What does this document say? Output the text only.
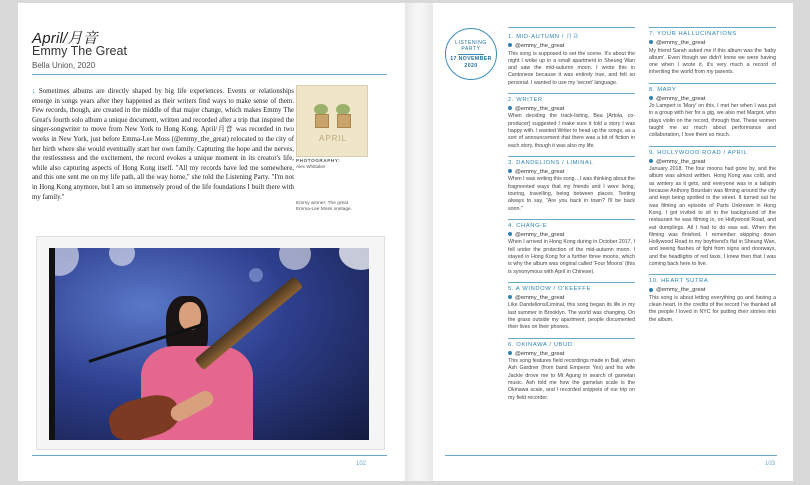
April/月音
Emmy The Great
Bella Union, 2020
↓ Sometimes albums are directly shaped by big life experiences. Events or relationships emerge in songs years after they happened as their writers find ways to make sense of them. Few records, though, are created in the middle of that major change, which makes Emmy The Great's fourth solo album a unique document, written and recorded after a trip that inspired the singer-songwriter to move from New York to Hong Kong. April/月音 was recorded in two weeks in New York, just before Emma-Lee Moss (@emmy_the_great) relocated to the city of her birth where she would eventually start her own family. Capturing the hope and the nerves, the restlessness and the excitement, the record evokes a unique moment in its creator's life, while also capturing aspects of Hong Kong itself. "All my records have led me somewhere, and this one sent me on my life path, all the way home," she told the Listening Party. "I'm not in Hong Kong anymore, but I am so immensely proud of the life foundations I built there with my family."
APRIL
PHOTOGRAPHY:
Alex Whittaker
Emmy winner: The great Emma-Lee Moss onstage.
102
LISTENING
PARTY
17 NOVEMBER
2020
1. MID-AUTUMN / 月音
@emmy_the_great
This song is supposed to set the scene. It's about the night I woke up in a small apartment in Sheung Wan and saw the mid-autumn moon. I wrote this in Cantonese because it was entirely true, and felt so personal. I wanted to use my 'secret' language.
2. WRITER
@emmy_the_great
When deciding the track-listing, Bea [Artola, co-producer] suggested I make sure it told a story I was happy with. I wanted Writer to head up the songs, as a sort of announcement that there was a bit of fiction in each story, though it was also my life.
3. DANDELIONS / LIMINAL
@emmy_the_great
When I was writing this song…I was thinking about the fragmented ways that my friends and I were living, touring, travelling, being between places. Texting always to say, "Are you back in town? I'll be back soon."
4. CHANG-E
@emmy_the_great
When I arrived in Hong Kong during in October 2017, I fell under the protection of the mid-autumn moon. I stayed in Hong Kong for a further three moons, which is why the album was original called 'Four Moons' (this is synonymous with April in Chinese).
5. A WINDOW / O'KEEFFE
@emmy_the_great
Like Dandelions/Liminal, this song began its life in my last summer in Brooklyn. The world was changing. On the grass outside my apartment, people documented their lives on their phones.
6. OKINAWA / UBUD
@emmy_the_great
This song features field recordings made in Bali, when Ash Gardner (from band Emperor Yes) and his wife Jackie drove me to Mt Agung in search of gamelan music. Ash told me how the gamelan scale is the Okinawa scale, and I recorded snippets of our trip on my field recorder.
7. YOUR HALLUCINATIONS
@emmy_the_great
My friend Sarah asked me if this album was the 'baby album'. Even though we didn't know we were having one when I wrote it, it's very much a record of inheriting the world from my parents.
8. MARY
@emmy_the_great
Jo Lampert is 'Mary' on this. I met her when I was put in a group with her for a gig, we also met Margot, who plays violin on the record, through that. These women taught me so much about performance and collaboration, I love them so much.
9. HOLLYWOOD ROAD / APRIL
@emmy_the_great
January 2018. The four moons had gone by, and the album was almost written. Hong Kong was cold, and as wintery as it gets, and everyone was in a tailspin because Anthony Bourdain was filming around the city and kept being spotted in the street. It turned out he was filming an episode of Parts Unknown in Hong Kong. I got invited to sit in the background of the restaurant he was filming in, on Hollywood Road, and eat dumplings. All I had to do was eat. When the filming was finished, I remember skipping down Hollywood Road to my boyfriend's flat in Sheung Wan, and seeing flashes of light from signs and doorways, and the headlights of red taxis. I knew then that I was coming back here to live.
10. HEART SUTRA
@emmy_the_great
This song is about letting everything go and having a clean heart. In the credits of the record I've thanked all the people I loved in NYC for putting their stories into the album.
103
